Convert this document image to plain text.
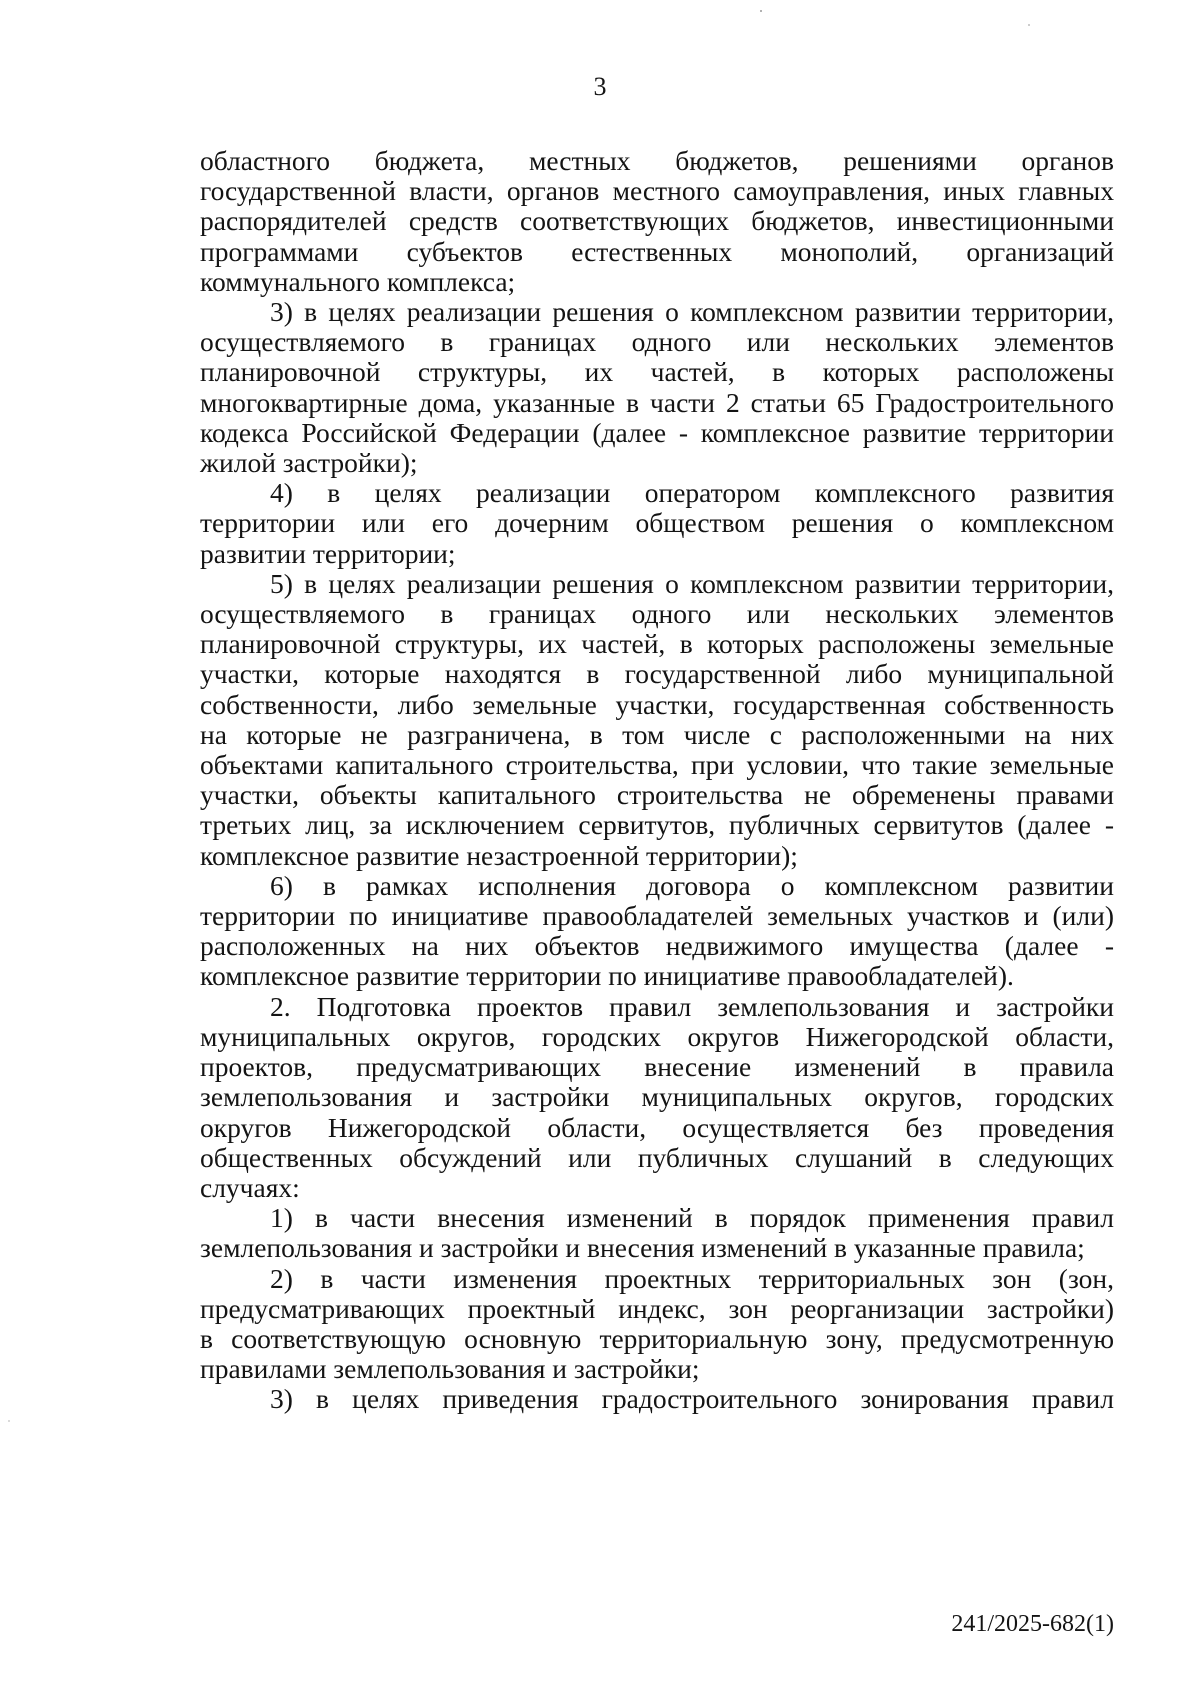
3

областного бюджета, местных бюджетов, решениями органов

государственной власти, органов местного самоуправления, иных главных

распорядителей средств соответствующих бюджетов, инвестиционными

программами субъектов естественных монополий, организаций

коммунального комплекса;

3) в целях реализации решения о комплексном развитии территории,

осуществляемого в границах одного или нескольких элементов

планировочной структуры, их частей, в которых расположены

многоквартирные дома, указанные в части 2 статьи 65 Градостроительного

кодекса Российской Федерации (далее - комплексное развитие территории

жилой застройки);

4) в целях реализации оператором комплексного развития

территории или его дочерним обществом решения о комплексном

развитии территории;

5) в целях реализации решения о комплексном развитии территории,

осуществляемого в границах одного или нескольких элементов

планировочной структуры, их частей, в которых расположены земельные

участки, которые находятся в государственной либо муниципальной

собственности, либо земельные участки, государственная собственность

на которые не разграничена, в том числе с расположенными на них

объектами капитального строительства, при условии, что такие земельные

участки, объекты капитального строительства не обременены правами

третьих лиц, за исключением сервитутов, публичных сервитутов (далее -

комплексное развитие незастроенной территории);

6) в рамках исполнения договора о комплексном развитии

территории по инициативе правообладателей земельных участков и (или)

расположенных на них объектов недвижимого имущества (далее -

комплексное развитие территории по инициативе правообладателей).

2. Подготовка проектов правил землепользования и застройки

муниципальных округов, городских округов Нижегородской области,

проектов, предусматривающих внесение изменений в правила

землепользования и застройки муниципальных округов, городских

округов Нижегородской области, осуществляется без проведения

общественных обсуждений или публичных слушаний в следующих

случаях:

1) в части внесения изменений в порядок применения правил

землепользования и застройки и внесения изменений в указанные правила;

2) в части изменения проектных территориальных зон (зон,

предусматривающих проектный индекс, зон реорганизации застройки)

в соответствующую основную территориальную зону, предусмотренную

правилами землепользования и застройки;

3) в целях приведения градостроительного зонирования правил

241/2025-682(1)
